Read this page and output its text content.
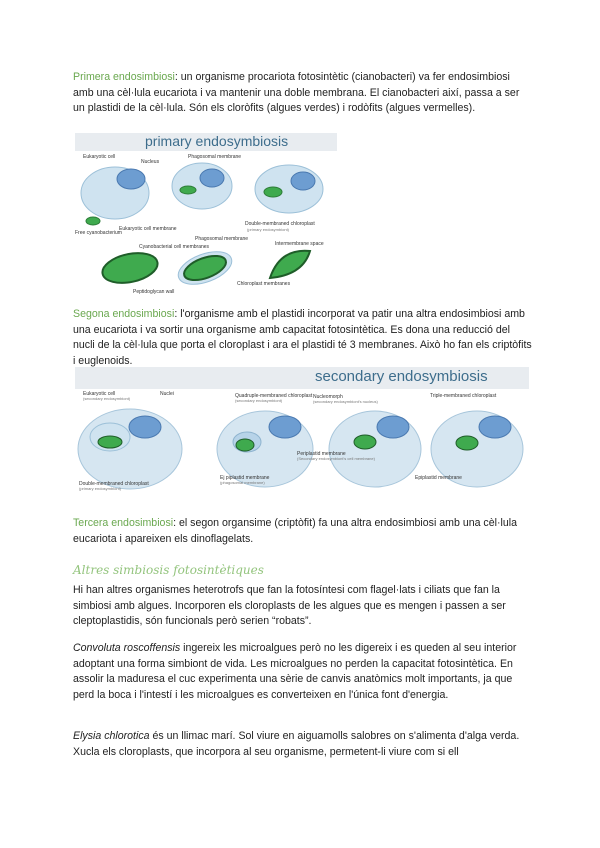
Primera endosimbiosi: un organisme procariota fotosintètic (cianobacteri) va fer endosimbiosi amb una cèl·lula eucariota i va mantenir una doble membrana. El cianobacteri així, passa a ser un plastidi de la cèl·lula. Són els cloròfits (algues verdes) i rodòfits (algues vermelles).

primary endosymbiosis
Eukaryotic cell
Nucleus
Phagosomal membrane
Free cyanobacterium
Eukaryotic cell membrane
Double-membraned chloroplast
(primary endosymbiont)
Cyanobacterial cell membranes
Phagosomal membrane
Intermembrane space
Peptidoglycan wall
Chloroplast membranes

Segona endosimbiosi: l'organisme amb el plastidi incorporat va patir una altra endosimbiosi amb una eucariota i va sortir una organisme amb capacitat fotosintètica. Es dona una reducció del nucli de la cèl·lula que porta el cloroplast i ara el plastidi té 3 membranes. Això ho fan els criptòfits i euglenoids.

secondary endosymbiosis
Eukaryotic cell
(secondary endosymbiont)
Nuclei	Quadruple-membraned chloroplast
(secondary endosymbiont)
Nucleomorph
(secondary endosymbiont's nucleus)
Triple-membraned chloroplast
Double-membraned chloroplast
(primary endosymbiont)
Periplastid membrane
(Secondary endosymbiont's cell membrane)
Ej piplastid membrane
(phagosomal membrane)
Epiplastid membrane

Tercera endosimbiosi: el segon organsime (criptòfit) fa una altra endosimbiosi amb una cèl·lula eucariota i apareixen els dinoflagelats.

Altres simbiosis fotosintètiques

Hi han altres organismes heterotrofs que fan la fotosíntesi com flagel·lats i ciliats que fan la simbiosi amb algues. Incorporen els cloroplasts de les algues que es mengen i passen a ser cleptoplastidis, són funcionals però serien “robats”.

Convoluta roscoffensis ingereix les microalgues però no les digereix i es queden al seu interior adoptant una forma simbiont de vida. Les microalgues no perden la capacitat fotosintètica. En assolir la maduresa el cuc experimenta una sèrie de canvis anatòmics molt importants, ja que perd la boca i l'intestí i les microalgues es converteixen en l'única font d'energia.

Elysia chlorotica és un llimac marí. Sol viure en aiguamolls salobres on s'alimenta d'alga verda. Xucla els cloroplasts, que incorpora al seu organisme, permetent-li viure com si ell
